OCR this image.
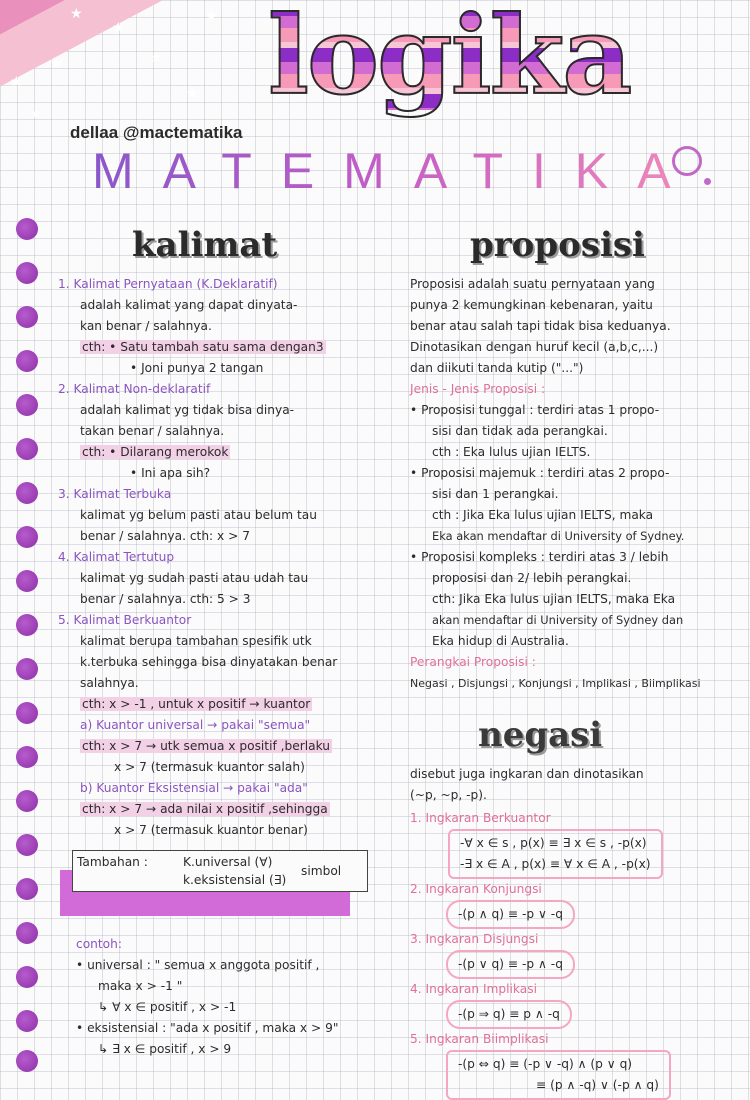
★
★
★
★
★
★
★
★ logika
dellaa @mactematika
MATEMATIKA
kalimat	proposisi
1. Kalimat Pernyataan (K.Deklaratif)
adalah kalimat yang dapat dinyata-
kan benar / salahnya.
cth: • Satu tambah satu sama dengan3
• Joni punya 2 tangan
2. Kalimat Non-deklaratif
adalah kalimat yg tidak bisa dinya-
takan benar / salahnya.
cth: • Dilarang merokok
• Ini apa sih?
3. Kalimat Terbuka
kalimat yg belum pasti atau belum tau
benar / salahnya. cth: x > 7
4. Kalimat Tertutup
kalimat yg sudah pasti atau udah tau
benar / salahnya. cth: 5 > 3
5. Kalimat Berkuantor
kalimat berupa tambahan spesifik utk
k.terbuka sehingga bisa dinyatakan benar
salahnya.
cth: x > -1 , untuk x positif → kuantor
a) Kuantor universal → pakai "semua"
cth: x > 7 → utk semua x positif ,berlaku
x > 7 (termasuk kuantor salah)
b) Kuantor Eksistensial → pakai "ada"
cth: x > 7 → ada nilai x positif ,sehingga
x > 7 (termasuk kuantor benar)
Tambahan :	K.universal (∀)
k.eksistensial (∃)
simbol
contoh:
• universal : " semua x anggota positif ,
maka x > -1 "
↳ ∀ x ∈ positif , x > -1
• eksistensial : "ada x positif , maka x > 9"
↳ ∃ x ∈ positif , x > 9
Proposisi adalah suatu pernyataan yang
punya 2 kemungkinan kebenaran, yaitu
benar atau salah tapi tidak bisa keduanya.
Dinotasikan dengan huruf kecil (a,b,c,...)
dan diikuti tanda kutip ("...")
Jenis - Jenis Proposisi :
• Proposisi tunggal : terdiri atas 1 propo-
sisi dan tidak ada perangkai.
cth : Eka lulus ujian IELTS.
• Proposisi majemuk : terdiri atas 2 propo-
sisi dan 1 perangkai.
cth : Jika Eka lulus ujian IELTS, maka
Eka akan mendaftar di University of Sydney.
• Proposisi kompleks : terdiri atas 3 / lebih
proposisi dan 2/ lebih perangkai.
cth: Jika Eka lulus ujian IELTS, maka Eka
akan mendaftar di University of Sydney dan
Eka hidup di Australia.
Perangkai Proposisi :
Negasi , Disjungsi , Konjungsi , Implikasi , Biimplikasi
negasi
disebut juga ingkaran dan dinotasikan
(~p, ~p, -p).
1. Ingkaran Berkuantor
-∀ x ∈ s , p(x) ≡ ∃ x ∈ s , -p(x)
-∃ x ∈ A , p(x) ≡ ∀ x ∈ A , -p(x)
2. Ingkaran Konjungsi
-(p ∧ q) ≡ -p ∨ -q
3. Ingkaran Disjungsi
-(p ∨ q) ≡ -p ∧ -q
4. Ingkaran Implikasi
-(p ⇒ q) ≡ p ∧ -q
5. Ingkaran Biimplikasi
-(p ⇔ q) ≡ (-p ∨ -q) ∧ (p ∨ q)
≡ (p ∧ -q) ∨ (-p ∧ q)
